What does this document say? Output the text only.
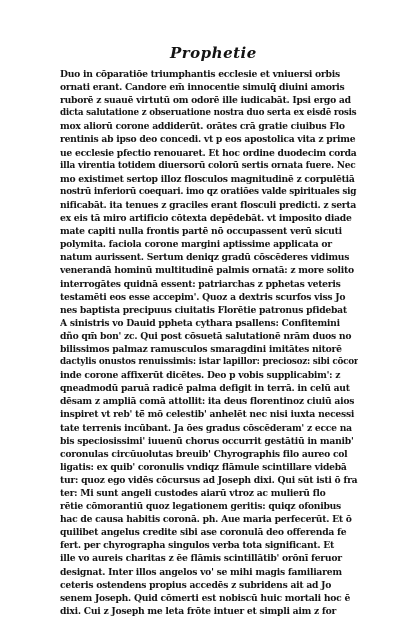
Prophetie
Duo in cōparatiōe triumphantis ecclesie et vniuersi orbis
ornati erant. Candore em̄ innocentie simulq̄ diuini amoris
ruborē z suauē virtutū om odorē ille iudicabāt. Ipsi ergo ad
dicta salutatione z obseruatione nostra duo serta ex eisdē rosis
mox aliorū corone addiderūt. orātes crā gratie ciuibus Flo
rentinis ab ipso deo concedi. vt p eos apostolica vita z prime
ue ecclesie pfectio renouaret. Et hoc ordine duodecim corda
illa virentia totidem diuersorū colorū sertis ornata fuere. Nec
mo existimet sertop illoz flosculos magnitudinē z corpulētiā
nostrū inferiorū coequari. imo qz oratiōes valde spirituales sig
nificabāt. ita tenues z graciles erant flosculi predicti. z serta
ex eis tā miro artificio cōtexta depēdebāt. vt imposito diade
mate capiti nulla frontis partē nō occupassent verū sicuti
polymita. faciola corone margini aptissime applicata or
natum aurissent. Sertum deniqz gradū cōscēderes vidimus
venerandā hominū multitudinē palmis ornatā: z more solito
interrogātes quidnā essent: patriarchas z pphetas veteris
testamēti eos esse accepim'. Quoz a dextris scurfos viss Jo
nes baptista precipuus ciuitatis Florētie patronus pfidebat
A sinistris vo Dauid ppheta cythara psallens: Confitemini
dño qm̄ bon' zc. Qui post cōsuetā salutationē nrām duos no
bilissimos palmaz ramusculos smaragdini imitātes nitorē
dactylis onustos renuissimis: istar lapillor: preciosoz: sibi cōcor
inde corone affixerūt dicētes. Deo p vobis supplicabim': z
qneadmodū paruā radicē palma defigit in terrā. in celū aut
dēsam z ampliā comā attollit: ita deus florentinoz ciuiū aios
inspiret vt reb' tē̄ mō celestib' anhelēt nec nisi iuxta necessi
tate terrenis incūbant. Ja ōes gradus cōscēderam' z ecce na
bis speciosissimi' iuuenū chorus occurrit gestātiū in manib'
coronulas circūuolutas breuib' Chyrographis filo aureo col
ligatis: ex quib' coronulis vndiqz flāmule scintillare videbā
tur: quoz ego vidēs cōcursus ad Joseph dixi. Qui sūt isti ō fra
ter: Mi sunt angeli custodes aiarū vtroz ac mulierū flo
rētie cōmorantiū quoz legationem geritis: quiqz ofonibus
hac de causa habitis coronā. ph. Aue maria perfecerūt. Et ō
quilibet angelus credite sibi ase coronulā deo offerenda fe
fert. per chyrographa singulos verba tota significant. Et
ille vo aureis charitas z ēe flāmis scintillātib' orōnī feruor
designat. Inter illos angelos vo' se mihi magis familiarem
ceteris ostendens propius accedēs z subridens ait ad Jo
senem Joseph. Quid cōmerti est nobiscū huic mortali hoc ē
dixi. Cui z Joseph me leta frōte intuer et simpli aim z for
